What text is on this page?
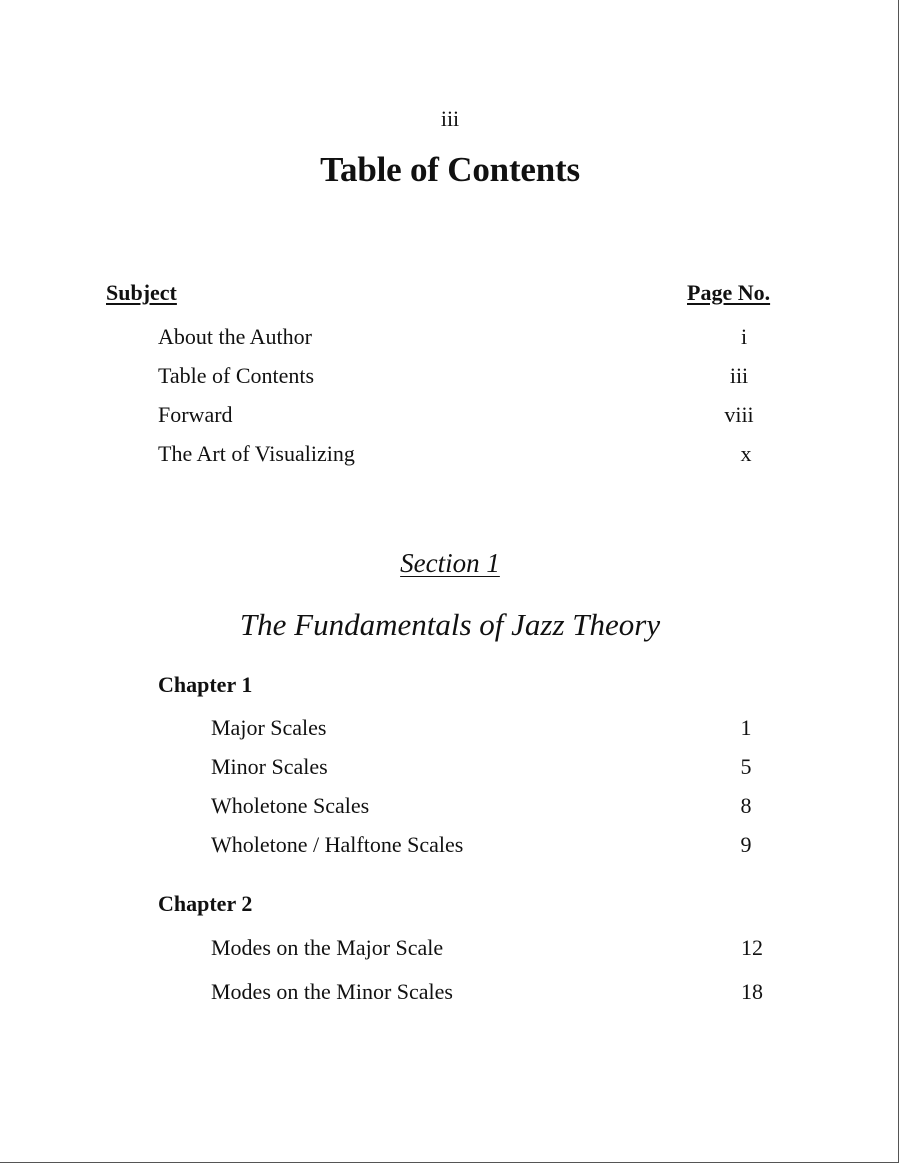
iii
Table of Contents
Subject	Page No.
About the Author	i
Table of Contents	iii
Forward	viii
The Art of Visualizing	x
Section 1
The Fundamentals of Jazz Theory
Chapter 1
Major Scales	1
Minor Scales	5
Wholetone Scales	8
Wholetone / Halftone Scales	9
Chapter 2
Modes on the Major Scale	12
Modes on the Minor Scales	18
